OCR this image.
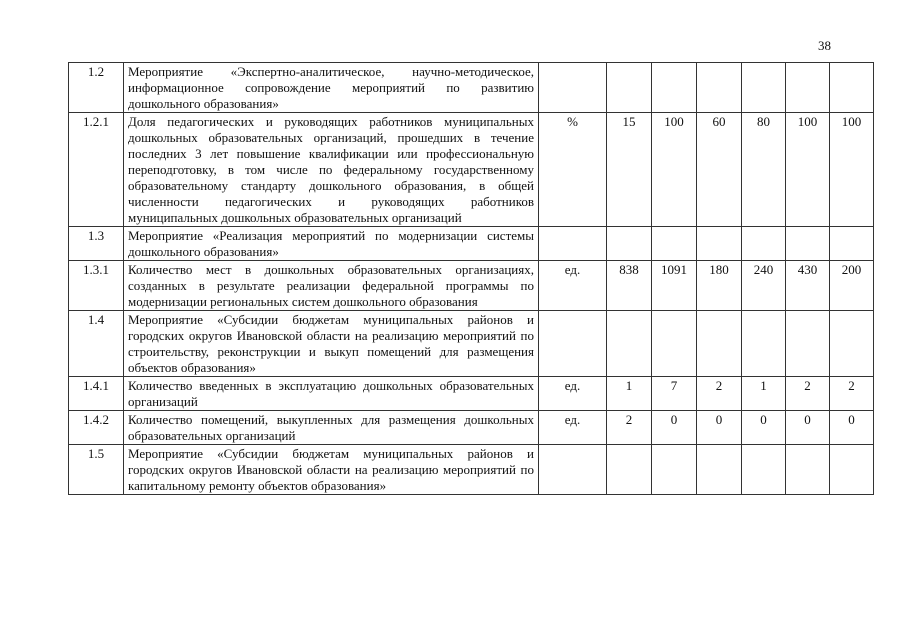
38
1.2	Мероприятие «Экспертно-аналитическое, научно-методическое, информационное сопровождение мероприятий по развитию дошкольного образования»							
1.2.1	Доля педагогических и руководящих работников муниципальных дошкольных образовательных организаций, прошедших в течение последних 3 лет повышение квалификации или профессиональную переподготовку, в том числе по федеральному государственному образовательному стандарту дошкольного образования, в общей численности педагогических и руководящих работников муниципальных дошкольных образовательных организаций	%	15	100	60	80	100	100
1.3	Мероприятие «Реализация мероприятий по модернизации системы дошкольного образования»							
1.3.1	Количество мест в дошкольных образовательных организациях, созданных в результате реализации федеральной программы по модернизации региональных систем дошкольного образования	ед.	838	1091	180	240	430	200
1.4	Мероприятие «Субсидии бюджетам муниципальных районов и городских округов Ивановской области на реализацию мероприятий по строительству, реконструкции и выкуп помещений для размещения объектов образования»							
1.4.1	Количество введенных в эксплуатацию дошкольных образовательных организаций	ед.	1	7	2	1	2	2
1.4.2	Количество помещений, выкупленных для размещения дошкольных образовательных организаций	ед.	2	0	0	0	0	0
1.5	Мероприятие «Субсидии бюджетам муниципальных районов и городских округов Ивановской области на реализацию мероприятий по капитальному ремонту объектов образования»							
